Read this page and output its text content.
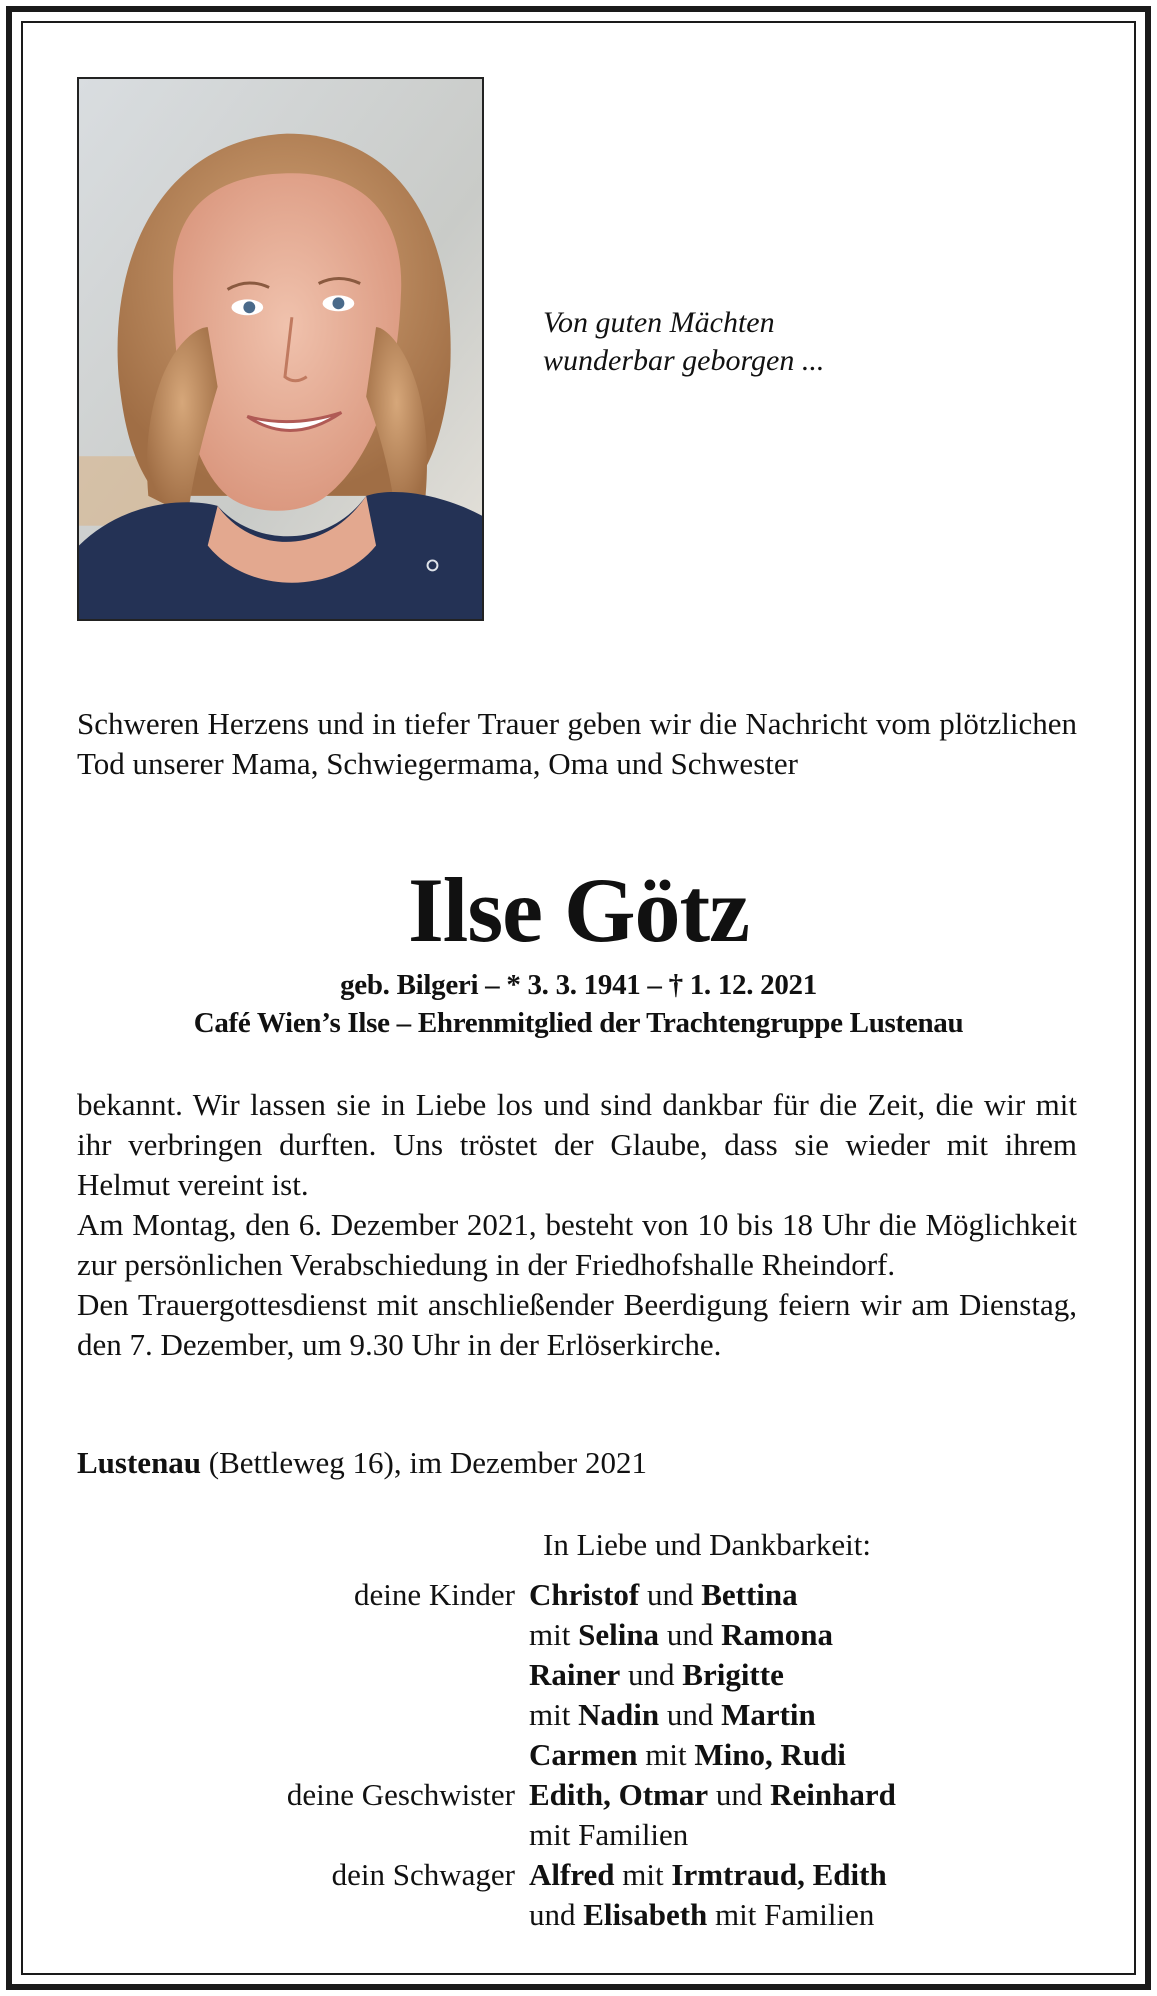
Von guten Mächten
wunderbar geborgen ...
Schweren Herzens und in tiefer Trauer geben wir die Nachricht vom plötzlichen Tod unserer Mama, Schwiegermama, Oma und Schwester
Ilse Götz
geb. Bilgeri – * 3. 3. 1941 – † 1. 12. 2021
Café Wien’s Ilse – Ehrenmitglied der Trachtengruppe Lustenau

bekannt. Wir lassen sie in Liebe los und sind dankbar für die Zeit, die wir mit ihr verbringen durften. Uns tröstet der Glaube, dass sie wieder mit ihrem Helmut vereint ist.

Am Montag, den 6. Dezember 2021, besteht von 10 bis 18 Uhr die Möglichkeit zur persönlichen Verabschiedung in der Friedhofshalle Rheindorf.

Den Trauergottesdienst mit anschließender Beerdigung feiern wir am Dienstag, den 7. Dezember, um 9.30 Uhr in der Erlöserkirche.

Lustenau (Bettleweg 16), im Dezember 2021
In Liebe und Dankbarkeit:
deine Kinder Christof und Bettina
mit Selina und Ramona
Rainer und Brigitte
mit Nadin und Martin
Carmen mit Mino, Rudi
deine Geschwister Edith, Otmar und Reinhard
mit Familien
dein Schwager Alfred mit Irmtraud, Edith
und Elisabeth mit Familien
